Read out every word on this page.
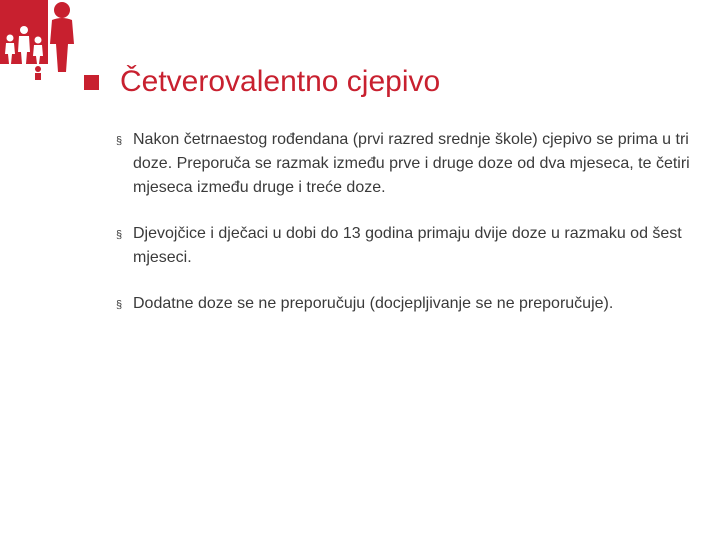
Četverovalentno cjepivo
§ Nakon četrnaestog rođendana (prvi razred srednje škole) cjepivo se prima u tri doze. Preporuča se razmak između prve i druge doze od dva mjeseca, te četiri mjeseca između druge i treće doze.
§ Djevojčice i dječaci u dobi do 13 godina primaju dvije doze u razmaku od šest mjeseci.
§ Dodatne doze se ne preporučuju (docjepljivanje se ne preporučuje).
